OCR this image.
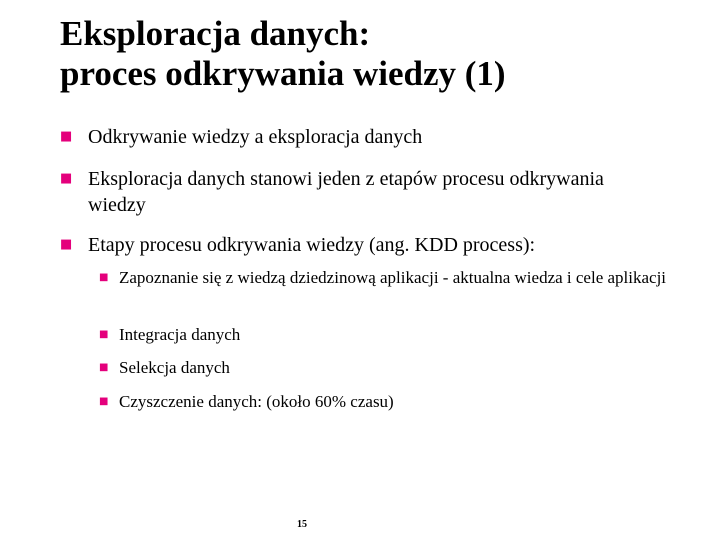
Eksploracja danych:
proces odkrywania wiedzy (1)
■ Odkrywanie wiedzy a eksploracja danych
■ Eksploracja danych stanowi jeden z etapów procesu odkrywania wiedzy
■ Etapy procesu odkrywania wiedzy (ang. KDD process):
■ Zapoznanie się z wiedzą dziedzinową aplikacji - aktualna wiedza i cele aplikacji
■ Integracja danych
■ Selekcja danych
■ Czyszczenie danych: (około 60% czasu)
15
